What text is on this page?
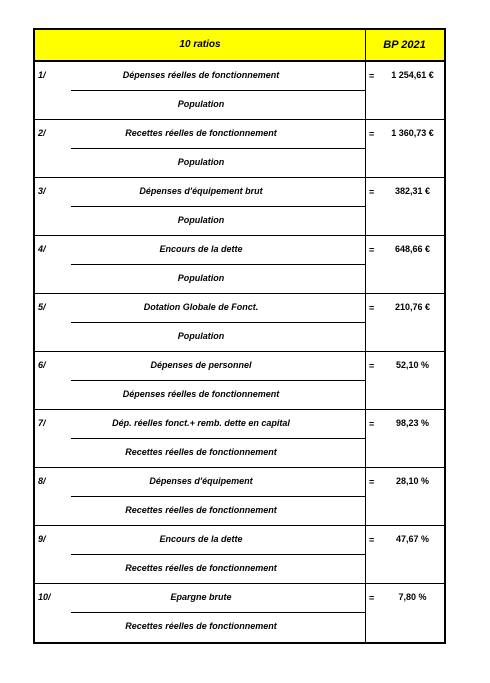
10 ratios	BP 2021
1/	Dépenses réelles de fonctionnement
Population
=	1 254,61 €
2/	Recettes réelles de fonctionnement
Population
=	1 360,73 €
3/	Dépenses d'équipement brut
Population
=	382,31 €
4/	Encours de la dette
Population
=	648,66 €
5/	Dotation Globale de Fonct.
Population
=	210,76 €
6/	Dépenses de personnel
Dépenses réelles de fonctionnement
=	52,10 %
7/	Dép. réelles fonct.+ remb. dette en capital
Recettes réelles de fonctionnement
=	98,23 %
8/	Dépenses d'équipement
Recettes réelles de fonctionnement
=	28,10 %
9/	Encours de la dette
Recettes réelles de fonctionnement
=	47,67 %
10/	Epargne brute
Recettes réelles de fonctionnement
=	7,80 %
